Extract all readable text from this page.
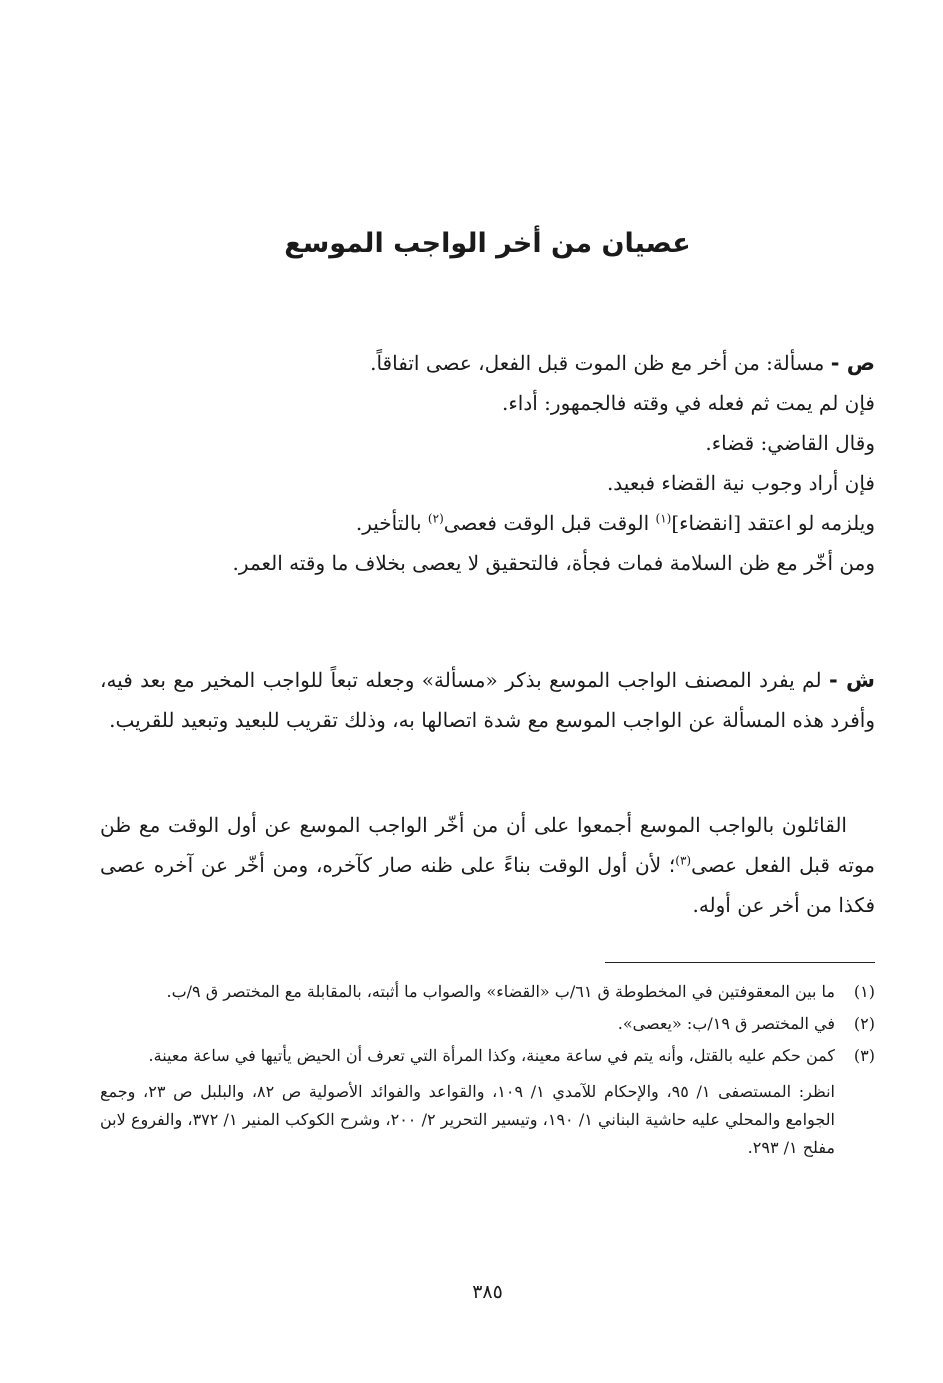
عصيان من أخر الواجب الموسع

ص - مسألة: من أخر مع ظن الموت قبل الفعل، عصى اتفاقاً.

فإن لم يمت ثم فعله في وقته فالجمهور: أداء.

وقال القاضي: قضاء.

فإن أراد وجوب نية القضاء فبعيد.

ويلزمه لو اعتقد [انقضاء]$^{(١)}$ الوقت قبل الوقت فعصى$^{(٢)}$ بالتأخير.

ومن أخّر مع ظن السلامة فمات فجأة، فالتحقيق لا يعصى بخلاف ما وقته العمر.

ش - لم يفرد المصنف الواجب الموسع بذكر «مسألة» وجعله تبعاً للواجب المخير مع بعد فيه، وأفرد هذه المسألة عن الواجب الموسع مع شدة اتصالها به، وذلك تقريب للبعيد وتبعيد للقريب.

القائلون بالواجب الموسع أجمعوا على أن من أخّر الواجب الموسع عن أول الوقت مع ظن موته قبل الفعل عصى$^{(٣)}$؛ لأن أول الوقت بناءً على ظنه صار كآخره، ومن أخّر عن آخره عصى فكذا من أخر عن أوله.

(١)
ما بين المعقوفتين في المخطوطة ق ٦١/ب «القضاء» والصواب ما أثبته، بالمقابلة مع المختصر ق ٩/ب.

(٢)
في المختصر ق ١٩/ب: «يعصى».

(٣)
كمن حكم عليه بالقتل، وأنه يتم في ساعة معينة، وكذا المرأة التي تعرف أن الحيض يأتيها في ساعة معينة.

انظر: المستصفى ١/ ٩٥، والإحكام للآمدي ١/ ١٠٩، والقواعد والفوائد الأصولية ص ٨٢، والبلبل ص ٢٣، وجمع الجوامع والمحلي عليه حاشية البناني ١/ ١٩٠، وتيسير التحرير ٢/ ٢٠٠، وشرح الكوكب المنير ١/ ٣٧٢، والفروع لابن مفلح ١/ ٢٩٣.

٣٨٥
